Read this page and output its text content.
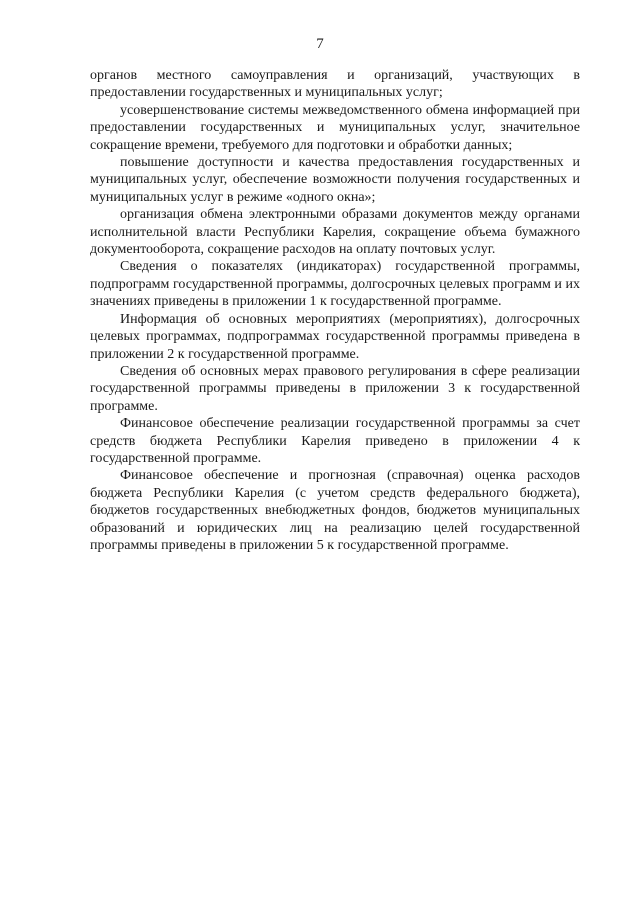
7

органов местного самоуправления и организаций, участвующих в предоставлении государственных и муниципальных услуг;

усовершенствование системы межведомственного обмена информацией при предоставлении государственных и муниципальных услуг, значительное сокращение времени, требуемого для подготовки и обработки данных;

повышение доступности и качества предоставления государственных и муниципальных услуг, обеспечение возможности получения государственных и муниципальных услуг в режиме «одного окна»;

организация обмена электронными образами документов между органами исполнительной власти Республики Карелия, сокращение объема бумажного документооборота, сокращение расходов на оплату почтовых услуг.

Сведения о показателях (индикаторах) государственной программы, подпрограмм государственной программы, долгосрочных целевых программ и их значениях приведены в приложении 1 к государственной программе.

Информация об основных мероприятиях (мероприятиях), долгосрочных целевых программах, подпрограммах государственной программы приведена в приложении 2 к государственной программе.

Сведения об основных мерах правового регулирования в сфере реализации государственной программы приведены в приложении 3 к государственной программе.

Финансовое обеспечение реализации государственной программы за счет средств бюджета Республики Карелия приведено в приложении 4 к государственной программе.

Финансовое обеспечение и прогнозная (справочная) оценка расходов бюджета Республики Карелия (с учетом средств федерального бюджета), бюджетов государственных внебюджетных фондов, бюджетов муниципальных образований и юридических лиц на реализацию целей государственной программы приведены в приложении 5 к государственной программе.
